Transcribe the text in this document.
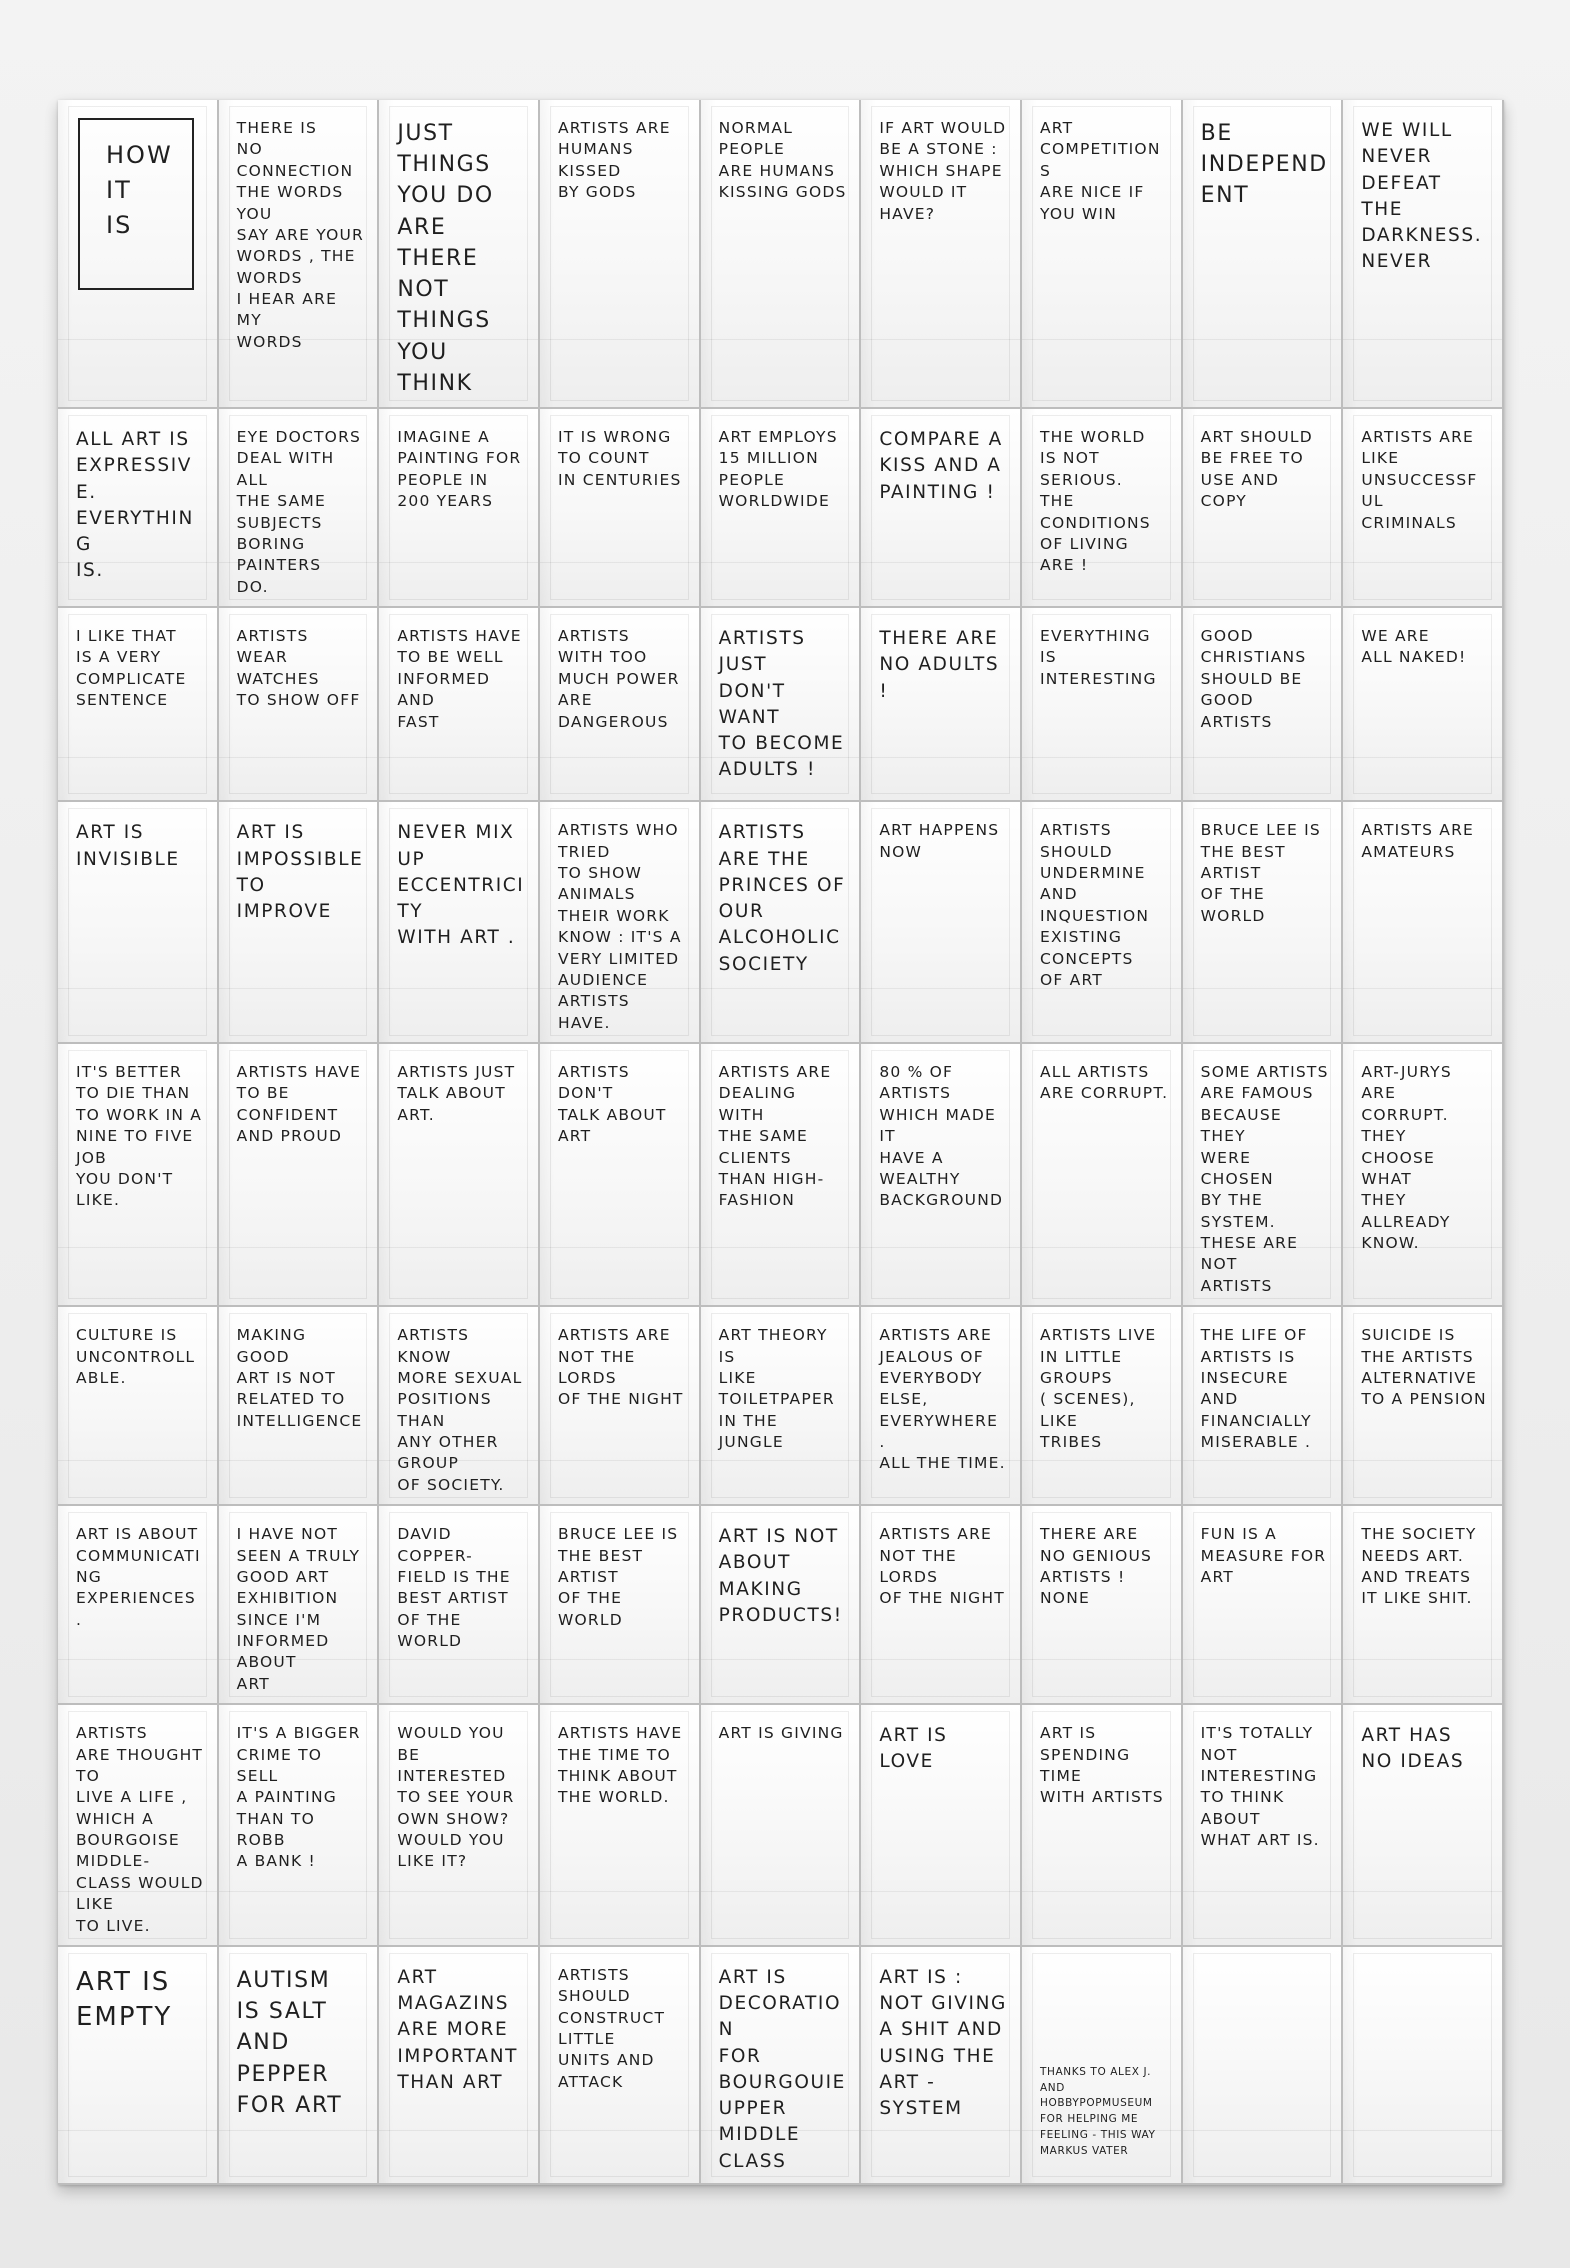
HOW
IT
IS
THERE IS
NO CONNECTION
THE WORDS YOU
SAY ARE YOUR
WORDS , THE WORDS
I HEAR ARE MY
WORDS
JUST THINGS
YOU DO ARE
THERE NOT
THINGS YOU
THINK
ARTISTS ARE
HUMANS KISSED
BY GODS
NORMAL PEOPLE
ARE HUMANS
KISSING GODS
IF ART WOULD
BE A STONE :
WHICH SHAPE
WOULD IT HAVE?
ART COMPETITIONS
ARE NICE IF
YOU WIN
BE
INDEPENDENT
WE WILL
NEVER
DEFEAT THE
DARKNESS.
NEVER
ALL ART IS
EXPRESSIVE.
EVERYTHING
IS.
EYE DOCTORS
DEAL WITH ALL
THE SAME SUBJECTS
BORING PAINTERS
DO.
IMAGINE A
PAINTING FOR
PEOPLE IN
200 YEARS
IT IS WRONG
TO COUNT
IN CENTURIES
ART EMPLOYS
15 MILLION
PEOPLE WORLDWIDE
COMPARE A
KISS AND A
PAINTING !
THE WORLD
IS NOT SERIOUS.
THE CONDITIONS
OF LIVING ARE !
ART SHOULD
BE FREE TO
USE AND COPY
ARTISTS ARE
LIKE
UNSUCCESSFUL
CRIMINALS
I LIKE THAT
IS A VERY
COMPLICATE
SENTENCE
ARTISTS
WEAR WATCHES
TO SHOW OFF
ARTISTS HAVE
TO BE WELL
INFORMED AND
FAST
ARTISTS
WITH TOO
MUCH POWER
ARE DANGEROUS
ARTISTS
JUST
DON'T WANT
TO BECOME
ADULTS !
THERE ARE
NO ADULTS !
EVERYTHING
IS INTERESTING
GOOD CHRISTIANS
SHOULD BE GOOD
ARTISTS
WE ARE
ALL NAKED!
ART IS
INVISIBLE
ART IS
IMPOSSIBLE
TO IMPROVE
NEVER MIX UP
ECCENTRICITY
WITH ART .
ARTISTS WHO TRIED
TO SHOW ANIMALS
THEIR WORK
KNOW : IT'S A
VERY LIMITED
AUDIENCE ARTISTS
HAVE.
ARTISTS
ARE THE
PRINCES OF
OUR ALCOHOLIC
SOCIETY
ART HAPPENS
NOW
ARTISTS SHOULD
UNDERMINE AND
INQUESTION
EXISTING CONCEPTS
OF ART
BRUCE LEE IS
THE BEST ARTIST
OF THE WORLD
ARTISTS ARE
AMATEURS
IT'S BETTER
TO DIE THAN
TO WORK IN A
NINE TO FIVE JOB
YOU DON'T LIKE.
ARTISTS HAVE
TO BE CONFIDENT
AND PROUD
ARTISTS JUST
TALK ABOUT ART.
ARTISTS DON'T
TALK ABOUT ART
ARTISTS ARE
DEALING WITH
THE SAME CLIENTS
THAN HIGH-FASHION
80 % OF ARTISTS
WHICH MADE IT
HAVE A WEALTHY
BACKGROUND
ALL ARTISTS
ARE CORRUPT.
SOME ARTISTS
ARE FAMOUS
BECAUSE THEY
WERE CHOSEN
BY THE SYSTEM.
THESE ARE NOT
ARTISTS
ART-JURYS ARE
CORRUPT. THEY
CHOOSE WHAT
THEY ALLREADY
KNOW.
CULTURE IS
UNCONTROLLABLE.
MAKING GOOD
ART IS NOT
RELATED TO
INTELLIGENCE
ARTISTS KNOW
MORE SEXUAL
POSITIONS THAN
ANY OTHER GROUP
OF SOCIETY.
ARTISTS ARE
NOT THE LORDS
OF THE NIGHT
ART THEORY IS
LIKE TOILETPAPER
IN THE
JUNGLE
ARTISTS ARE
JEALOUS OF
EVERYBODY ELSE,
EVERYWHERE .
ALL THE TIME.
ARTISTS LIVE
IN LITTLE GROUPS
( SCENES), LIKE
TRIBES
THE LIFE OF
ARTISTS IS INSECURE
AND FINANCIALLY
MISERABLE .
SUICIDE IS
THE ARTISTS
ALTERNATIVE
TO A PENSION
ART IS ABOUT
COMMUNICATING
EXPERIENCES .
I HAVE NOT
SEEN A TRULY
GOOD ART EXHIBITION
SINCE I'M
INFORMED ABOUT
ART
DAVID COPPER-
FIELD IS THE
BEST ARTIST
OF THE WORLD
BRUCE LEE IS
THE BEST ARTIST
OF THE WORLD
ART IS NOT
ABOUT MAKING
PRODUCTS!
ARTISTS ARE
NOT THE LORDS
OF THE NIGHT
THERE ARE
NO GENIOUS
ARTISTS ! NONE
FUN IS A
MEASURE FOR
ART
THE SOCIETY
NEEDS ART.
AND TREATS
IT LIKE SHIT.
ARTISTS
ARE THOUGHT TO
LIVE A LIFE , WHICH A
BOURGOISE MIDDLE-
CLASS WOULD LIKE
TO LIVE.
IT'S A BIGGER
CRIME TO SELL
A PAINTING
THAN TO ROBB
A BANK !
WOULD YOU
BE INTERESTED
TO SEE YOUR
OWN SHOW?
WOULD YOU
LIKE IT?
ARTISTS HAVE
THE TIME TO
THINK ABOUT
THE WORLD.
ART IS GIVING	ART IS
LOVE
ART IS
SPENDING TIME
WITH ARTISTS
IT'S TOTALLY
NOT INTERESTING
TO THINK ABOUT
WHAT ART IS.
ART HAS
NO IDEAS
ART IS
EMPTY
AUTISM
IS SALT
AND PEPPER
FOR ART
ART MAGAZINS
ARE MORE
IMPORTANT
THAN ART
ARTISTS
SHOULD
CONSTRUCT LITTLE
UNITS AND
ATTACK
ART IS
DECORATION
FOR BOURGOUIE
UPPER
MIDDLE CLASS
ART IS :
NOT GIVING
A SHIT AND
USING THE
ART - SYSTEM
THANKS TO ALEX J.
AND HOBBYPOPMUSEUM
FOR HELPING ME
FEELING - THIS WAY
MARKUS VATER
